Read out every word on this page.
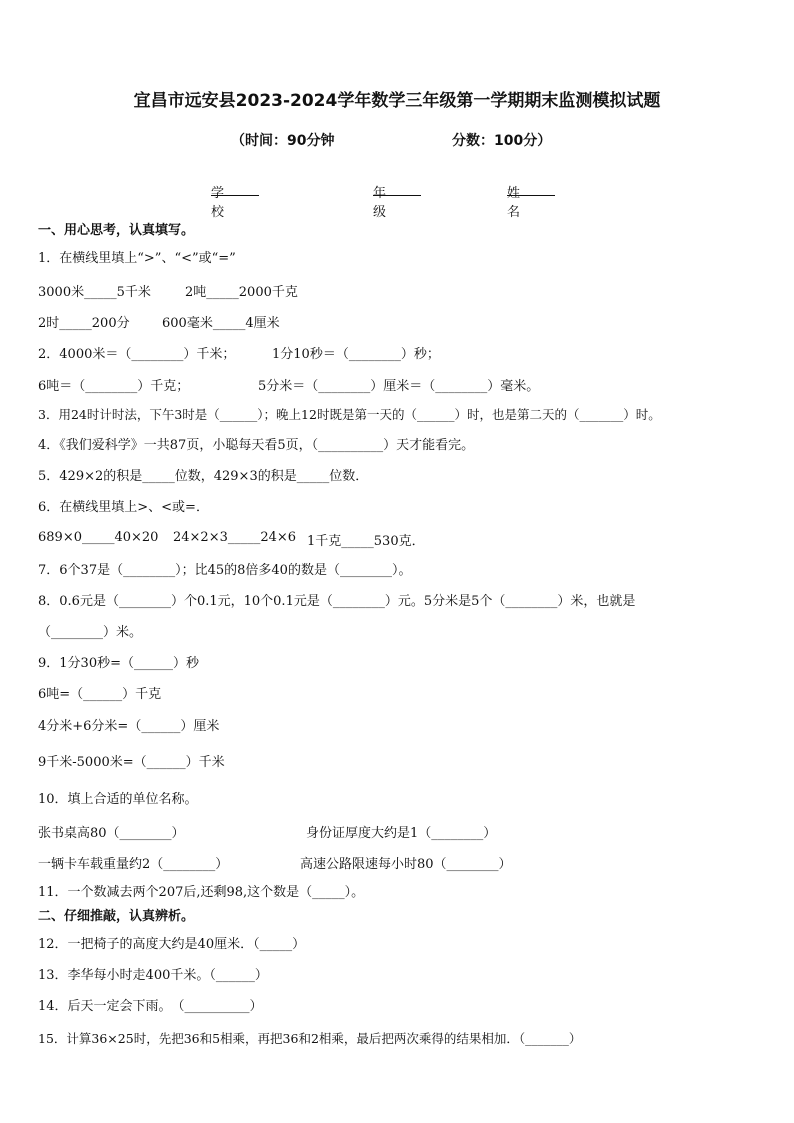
宜昌市远安县2023-2024学年数学三年级第一学期期末监测模拟试题
（时间：90分钟	分数：100分）
学校
年级
姓名
一、用心思考，认真填写。
1．在横线里填上“>”、“<”或“=”
3000米_____5千米	2吨_____2000千克
2时_____200分 600毫米_____4厘米
2．4000米＝（________）千米；	1分10秒＝（________）秒；
6吨＝（________）千克；	5分米＝（________）厘米＝（________）毫米。
3．用24时计时法，下午3时是（______）；晚上12时既是第一天的（______）时，也是第二天的（_______）时。
4．《我们爱科学》一共87页，小聪每天看5页，（__________）天才能看完。
5．429×2的积是_____位数，429×3的积是_____位数．
6．在横线里填上>、<或=．
689×0_____40×20 24×2×3_____24×6 1千克_____530克．
7．6个37是（________）；比45的8倍多40的数是（________）。
8．0.6元是（________）个0.1元，10个0.1元是（________）元。5分米是5个（________）米，也就是
（________）米。
9．1分30秒=（______）秒
6吨=（______）千克
4分米+6分米=（______）厘米
9千米-5000米=（______）千米
10．填上合适的单位名称。
张书桌高80（________）	身份证厚度大约是1（________）
一辆卡车载重量约2（________）	高速公路限速每小时80（________）
11．一个数减去两个207后,还剩98,这个数是（_____）。
二、仔细推敲，认真辨析。
12．一把椅子的高度大约是40厘米．（_____）
13．李华每小时走400千米。（______）
14．后天一定会下雨。　（__________）
15．计算36×25时，先把36和5相乘，再把36和2相乘，最后把两次乘得的结果相加．（_______）
